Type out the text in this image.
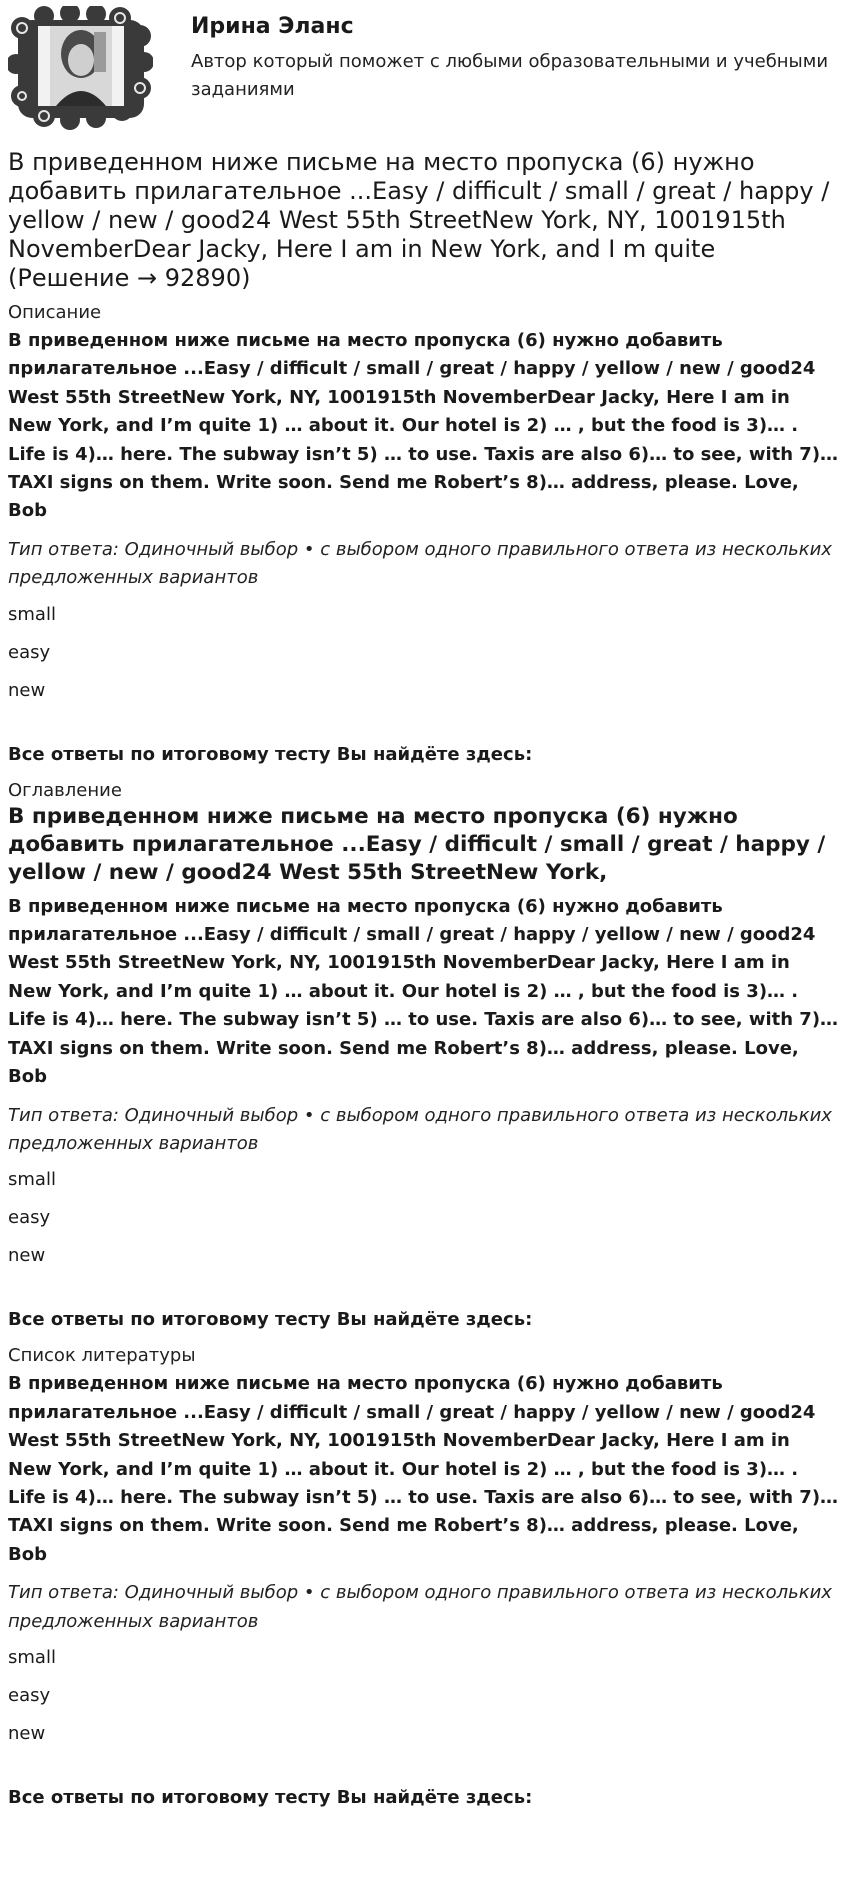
Ирина Эланс

Автор который поможет с любыми образовательными и учебными заданиями

В приведенном ниже письме на место пропуска (6) нужно добавить прилагательное ...Easy / difficult / small / great / happy / yellow / new / good24 West 55th StreetNew York, NY, 1001915th NovemberDear Jacky, Here I am in New York, and I m quite (Решение → 92890)

Описание

В приведенном ниже письме на место пропуска (6) нужно добавить прилагательное ...Easy / difficult / small / great / happy / yellow / new / good24 West 55th StreetNew York, NY, 1001915th NovemberDear Jacky, Here I am in New York, and I’m quite 1) … about it. Our hotel is 2) … , but the food is 3)… . Life is 4)… here. The subway isn’t 5) … to use. Taxis are also 6)… to see, with 7)… TAXI signs on them. Write soon. Send me Robert’s 8)… address, please. Love, Bob

Тип ответа: Одиночный выбор • с выбором одного правильного ответа из нескольких предложенных вариантов

small
easy
new

Все ответы по итоговому тесту Вы найдёте здесь:

Оглавление

В приведенном ниже письме на место пропуска (6) нужно добавить прилагательное ...Easy / difficult / small / great / happy / yellow / new / good24 West 55th StreetNew York,

В приведенном ниже письме на место пропуска (6) нужно добавить прилагательное ...Easy / difficult / small / great / happy / yellow / new / good24 West 55th StreetNew York, NY, 1001915th NovemberDear Jacky, Here I am in New York, and I’m quite 1) … about it. Our hotel is 2) … , but the food is 3)… . Life is 4)… here. The subway isn’t 5) … to use. Taxis are also 6)… to see, with 7)… TAXI signs on them. Write soon. Send me Robert’s 8)… address, please. Love, Bob

Тип ответа: Одиночный выбор • с выбором одного правильного ответа из нескольких предложенных вариантов

small
easy
new

Все ответы по итоговому тесту Вы найдёте здесь:

Список литературы

В приведенном ниже письме на место пропуска (6) нужно добавить прилагательное ...Easy / difficult / small / great / happy / yellow / new / good24 West 55th StreetNew York, NY, 1001915th NovemberDear Jacky, Here I am in New York, and I’m quite 1) … about it. Our hotel is 2) … , but the food is 3)… . Life is 4)… here. The subway isn’t 5) … to use. Taxis are also 6)… to see, with 7)… TAXI signs on them. Write soon. Send me Robert’s 8)… address, please. Love, Bob

Тип ответа: Одиночный выбор • с выбором одного правильного ответа из нескольких предложенных вариантов

small
easy
new

Все ответы по итоговому тесту Вы найдёте здесь:
